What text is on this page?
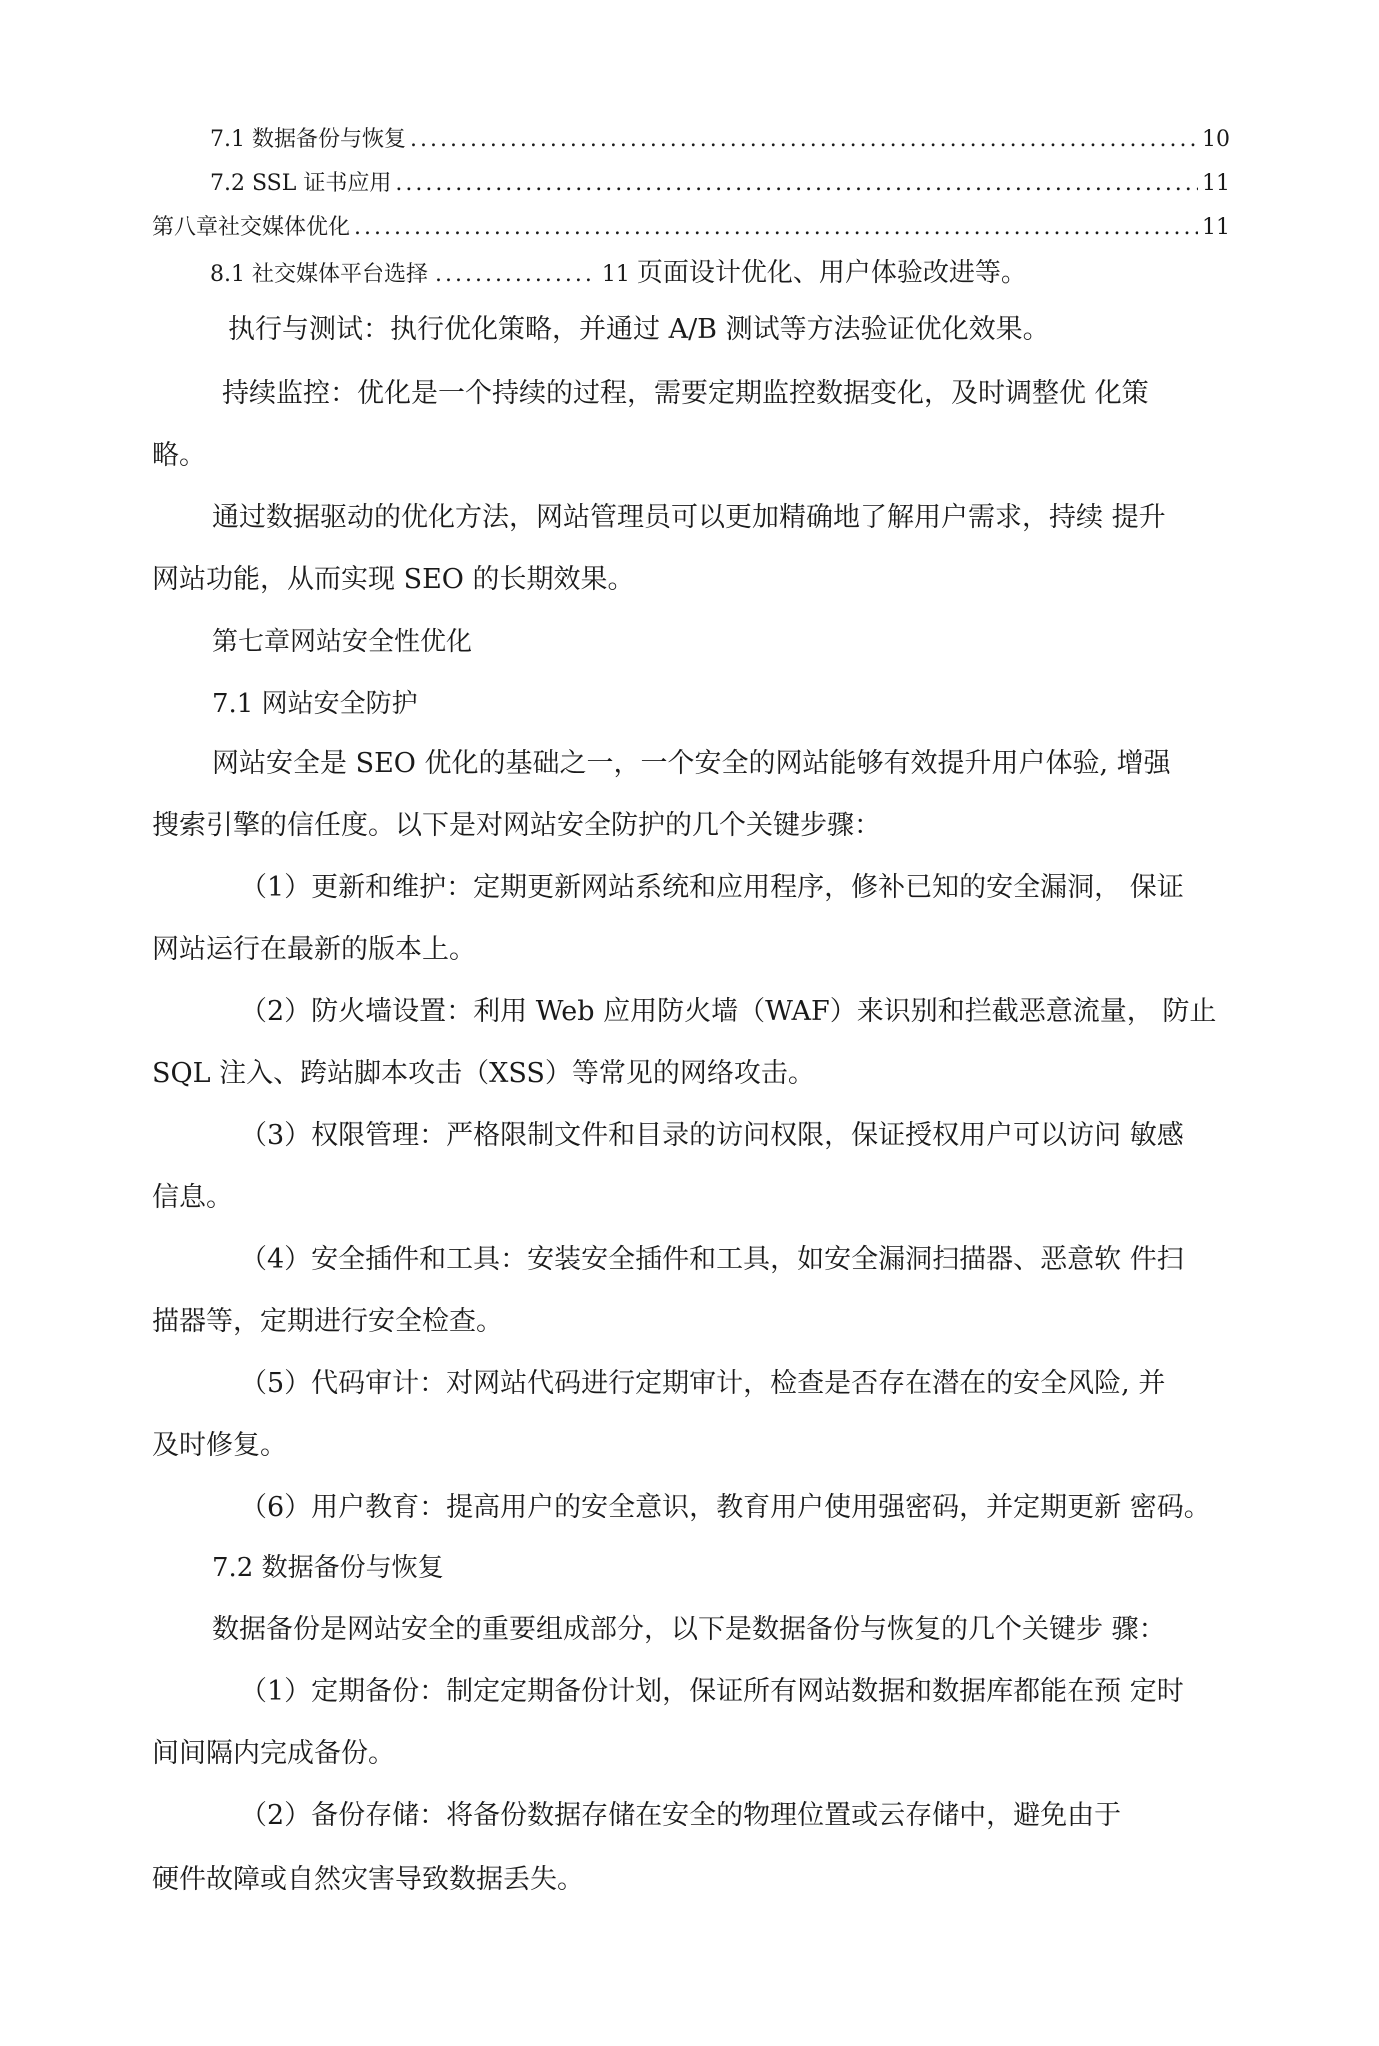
7.1 数据备份与恢复 .....	10
7.2 SSL 证书应用 .....	11
第八章社交媒体优化 .....	11
8.1 社交媒体平台选择 ................ 11 页面设计优化、用户体验改进等。
执行与测试：执行优化策略，并通过 A/B 测试等方法验证优化效果。
持续监控：优化是一个持续的过程，需要定期监控数据变化，及时调整优 化策
略。
通过数据驱动的优化方法，网站管理员可以更加精确地了解用户需求，持续 提升
网站功能，从而实现 SEO 的长期效果。
第七章网站安全性优化
7.1 网站安全防护
网站安全是 SEO 优化的基础之一，一个安全的网站能够有效提升用户体验, 增强
搜索引擎的信任度。以下是对网站安全防护的几个关键步骤：
（1）更新和维护：定期更新网站系统和应用程序，修补已知的安全漏洞， 保证
网站运行在最新的版本上。
（2）防火墙设置：利用 Web 应用防火墙（WAF）来识别和拦截恶意流量， 防止
SQL 注入、跨站脚本攻击（XSS）等常见的网络攻击。
（3）权限管理：严格限制文件和目录的访问权限，保证授权用户可以访问 敏感
信息。
（4）安全插件和工具：安装安全插件和工具，如安全漏洞扫描器、恶意软 件扫
描器等，定期进行安全检查。
（5）代码审计：对网站代码进行定期审计，检查是否存在潜在的安全风险, 并
及时修复。
（6）用户教育：提高用户的安全意识，教育用户使用强密码，并定期更新 密码。
7.2 数据备份与恢复
数据备份是网站安全的重要组成部分，以下是数据备份与恢复的几个关键步 骤：
（1）定期备份：制定定期备份计划，保证所有网站数据和数据库都能在预 定时
间间隔内完成备份。
（2）备份存储：将备份数据存储在安全的物理位置或云存储中，避免由于
硬件故障或自然灾害导致数据丢失。
